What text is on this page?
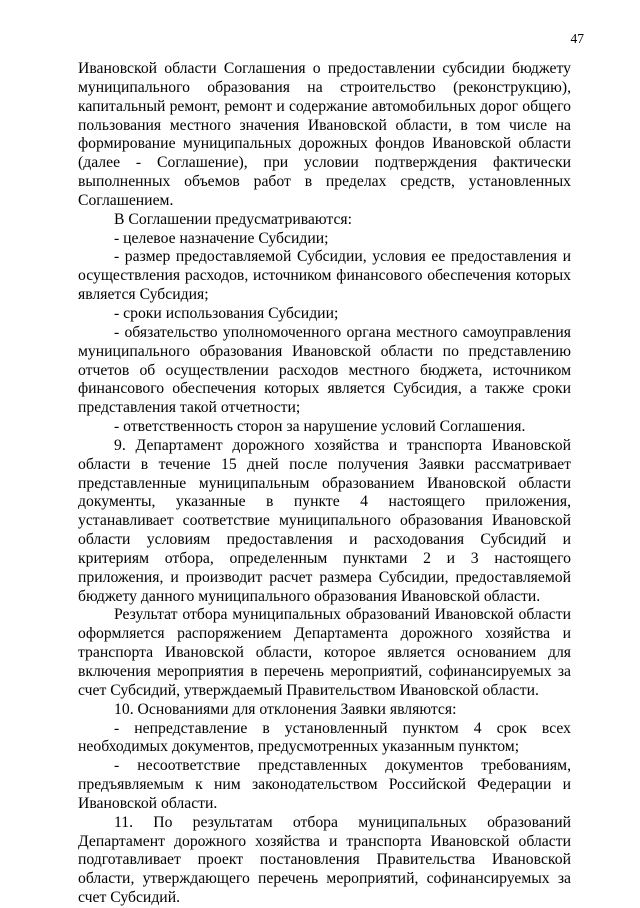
47

Ивановской области Соглашения о предоставлении субсидии бюджету муниципального образования на строительство (реконструкцию), капитальный ремонт, ремонт и содержание автомобильных дорог общего пользования местного значения Ивановской области, в том числе на формирование муниципальных дорожных фондов Ивановской области (далее - Соглашение), при условии подтверждения фактически выполненных объемов работ в пределах средств, установленных Соглашением.

В Соглашении предусматриваются:

- целевое назначение Субсидии;

- размер предоставляемой Субсидии, условия ее предоставления и осуществления расходов, источником финансового обеспечения которых является Субсидия;

- сроки использования Субсидии;

- обязательство уполномоченного органа местного самоуправления муниципального образования Ивановской области по представлению отчетов об осуществлении расходов местного бюджета, источником финансового обеспечения которых является Субсидия, а также сроки представления такой отчетности;

- ответственность сторон за нарушение условий Соглашения.

9. Департамент дорожного хозяйства и транспорта Ивановской области в течение 15 дней после получения Заявки рассматривает представленные муниципальным образованием Ивановской области документы, указанные в пункте 4 настоящего приложения, устанавливает соответствие муниципального образования Ивановской области условиям предоставления и расходования Субсидий и критериям отбора, определенным пунктами 2 и 3 настоящего приложения, и производит расчет размера Субсидии, предоставляемой бюджету данного муниципального образования Ивановской области.

Результат отбора муниципальных образований Ивановской области оформляется распоряжением Департамента дорожного хозяйства и транспорта Ивановской области, которое является основанием для включения мероприятия в перечень мероприятий, софинансируемых за счет Субсидий, утверждаемый Правительством Ивановской области.

10. Основаниями для отклонения Заявки являются:

- непредставление в установленный пунктом 4 срок всех необходимых документов, предусмотренных указанным пунктом;

- несоответствие представленных документов требованиям, предъявляемым к ним законодательством Российской Федерации и Ивановской области.

11. По результатам отбора муниципальных образований Департамент дорожного хозяйства и транспорта Ивановской области подготавливает проект постановления Правительства Ивановской области, утверждающего перечень мероприятий, софинансируемых за счет Субсидий.
